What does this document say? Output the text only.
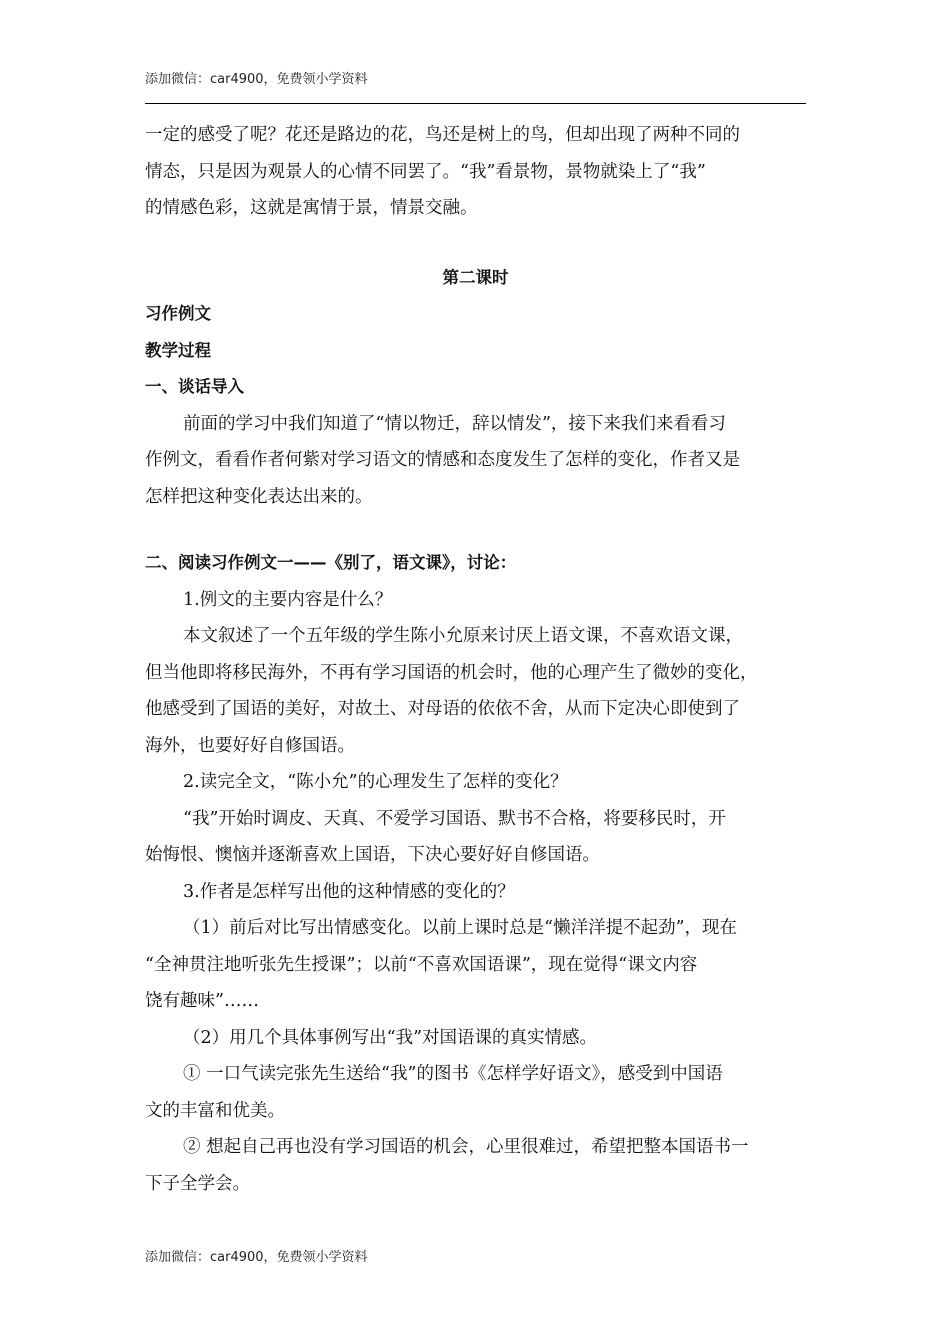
添加微信：car4900，免费领小学资料

一定的感受了呢？花还是路边的花，鸟还是树上的鸟，但却出现了两种不同的

情态，只是因为观景人的心情不同罢了。“我”看景物，景物就染上了“我”

的情感色彩，这就是寓情于景，情景交融。

第二课时

习作例文

教学过程

一、谈话导入

前面的学习中我们知道了“情以物迁，辞以情发”，接下来我们来看看习

作例文，看看作者何紫对学习语文的情感和态度发生了怎样的变化，作者又是

怎样把这种变化表达出来的。

二、阅读习作例文一——《别了，语文课》，讨论：

1.例文的主要内容是什么？

本文叙述了一个五年级的学生陈小允原来讨厌上语文课，不喜欢语文课，

但当他即将移民海外，不再有学习国语的机会时，他的心理产生了微妙的变化，

他感受到了国语的美好，对故土、对母语的依依不舍，从而下定决心即使到了

海外，也要好好自修国语。

2.读完全文，“陈小允”的心理发生了怎样的变化？

“我”开始时调皮、天真、不爱学习国语、默书不合格，将要移民时，开

始悔恨、懊恼并逐渐喜欢上国语，下决心要好好自修国语。

3.作者是怎样写出他的这种情感的变化的？

（1）前后对比写出情感变化。以前上课时总是“懒洋洋提不起劲”，现在

“全神贯注地听张先生授课”；以前“不喜欢国语课”，现在觉得“课文内容

饶有趣味”……

（2）用几个具体事例写出“我”对国语课的真实情感。

① 一口气读完张先生送给“我”的图书《怎样学好语文》，感受到中国语

文的丰富和优美。

② 想起自己再也没有学习国语的机会，心里很难过，希望把整本国语书一

下子全学会。

添加微信：car4900，免费领小学资料
